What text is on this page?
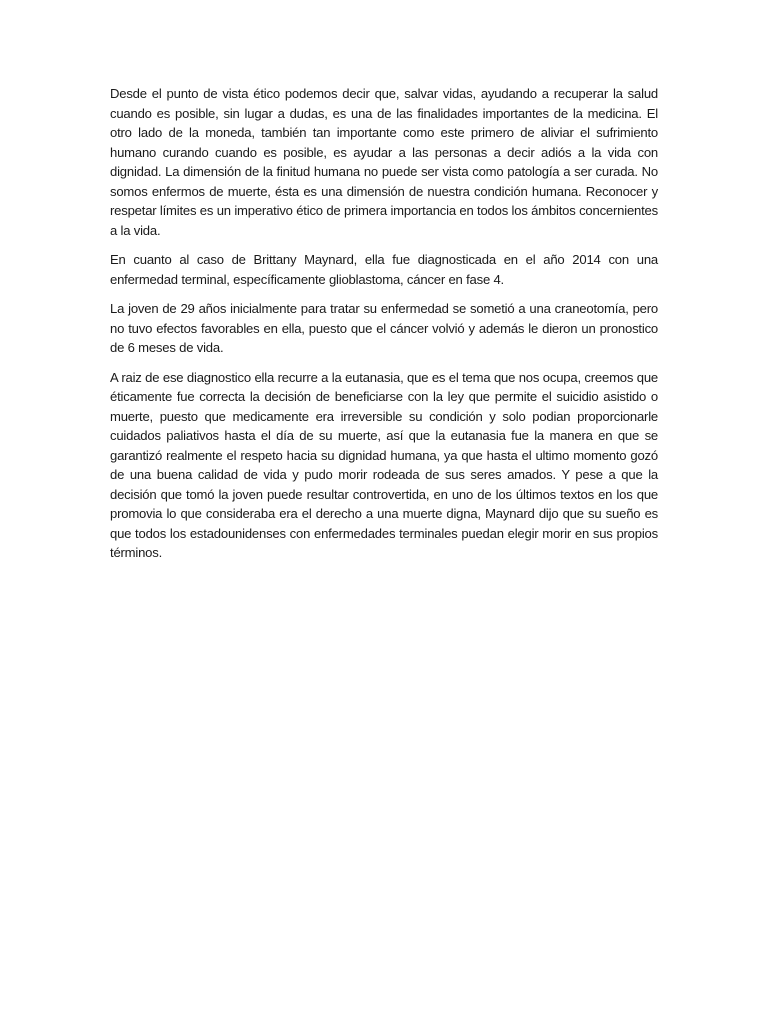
Desde el punto de vista ético podemos decir que, salvar vidas, ayudando a recuperar la salud cuando es posible, sin lugar a dudas, es una de las finalidades importantes de la medicina. El otro lado de la moneda, también tan importante como este primero de aliviar el sufrimiento humano curando cuando es posible, es ayudar a las personas a decir adiós a la vida con dignidad. La dimensión de la finitud humana no puede ser vista como patología a ser curada. No somos enfermos de muerte, ésta es una dimensión de nuestra condición humana. Reconocer y respetar límites es un imperativo ético de primera importancia en todos los ámbitos concernientes a la vida.

En cuanto al caso de Brittany Maynard, ella fue diagnosticada en el año 2014 con una enfermedad terminal, específicamente glioblastoma, cáncer en fase 4.

La joven de 29 años inicialmente para tratar su enfermedad se sometió a una craneotomía, pero no tuvo efectos favorables en ella, puesto que el cáncer volvió y además le dieron un pronostico de 6 meses de vida.

A raiz de ese diagnostico ella recurre a la eutanasia, que es el tema que nos ocupa, creemos que éticamente fue correcta la decisión de beneficiarse con la ley que permite el suicidio asistido o muerte, puesto que medicamente era irreversible su condición y solo podian proporcionarle cuidados paliativos hasta el día de su muerte, así que la eutanasia fue la manera en que se garantizó realmente el respeto hacia su dignidad humana, ya que hasta el ultimo momento gozó de una buena calidad de vida y pudo morir rodeada de sus seres amados. Y pese a que la decisión que tomó la joven puede resultar controvertida, en uno de los últimos textos en los que promovia lo que consideraba era el derecho a una muerte digna, Maynard dijo que su sueño es que todos los estadounidenses con enfermedades terminales puedan elegir morir en sus propios términos.
